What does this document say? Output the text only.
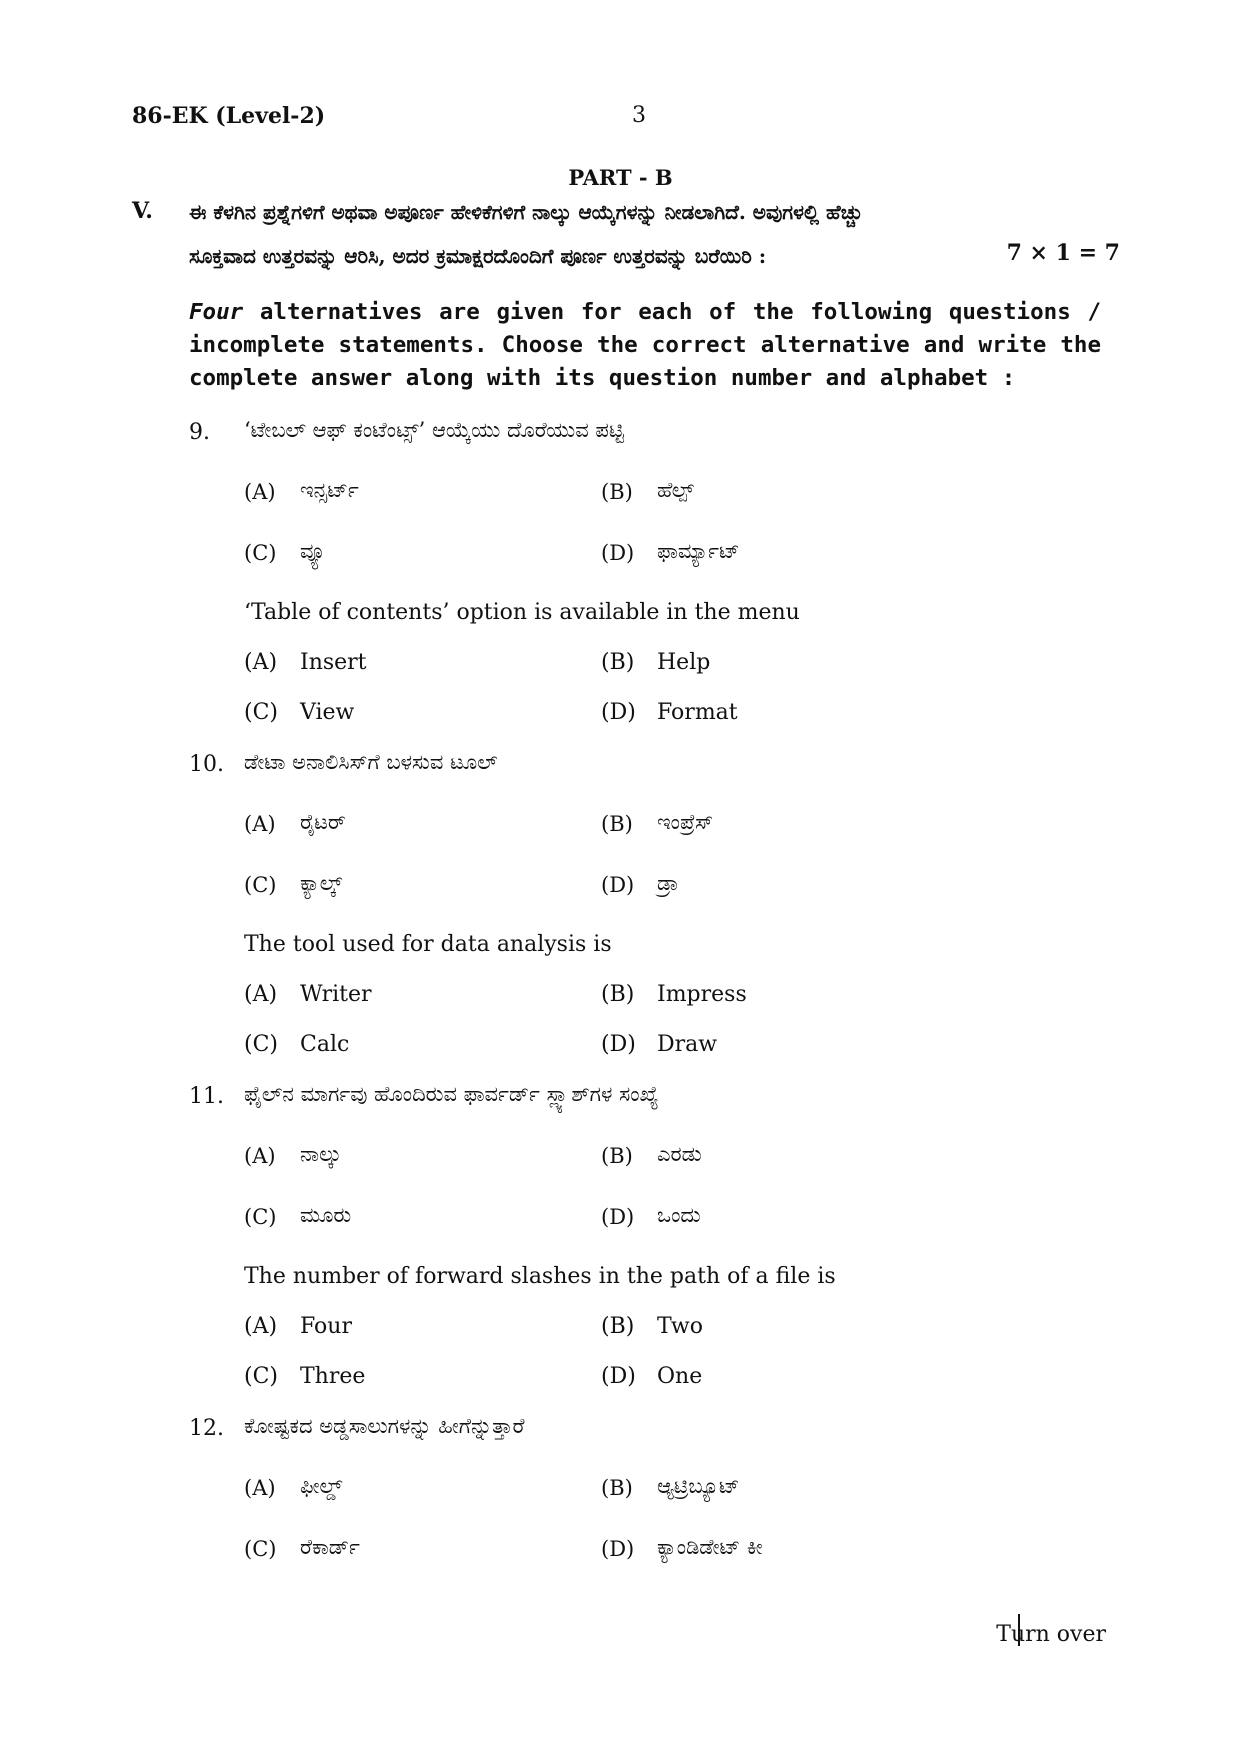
86-EK (Level-2)	3
PART - B
V. ಈ ಕೆಳಗಿನ ಪ್ರಶ್ನೆಗಳಿಗೆ ಅಥವಾ ಅಪೂರ್ಣ ಹೇಳಿಕೆಗಳಿಗೆ ನಾಲ್ಕು ಆಯ್ಕೆಗಳನ್ನು ನೀಡಲಾಗಿದೆ. ಅವುಗಳಲ್ಲಿ ಹೆಚ್ಚು
ಸೂಕ್ತವಾದ ಉತ್ತರವನ್ನು ಆರಿಸಿ, ಅದರ ಕ್ರಮಾಕ್ಷರದೊಂದಿಗೆ ಪೂರ್ಣ ಉತ್ತರವನ್ನು ಬರೆಯಿರಿ :	7 × 1 = 7
Four alternatives are given for each of the following questions / incomplete statements. Choose the correct alternative and write the complete answer along with its question number and alphabet :
9. ‘ಟೇಬಲ್ ಆಫ್ ಕಂಟೆಂಟ್ಸ್’ ಆಯ್ಕೆಯು ದೊರೆಯುವ ಪಟ್ಟಿ
(A) ಇನ್ಸರ್ಟ್	(B) ಹೆಲ್ಪ್
(C) ವ್ಯೂ	(D) ಫಾರ್ಮ್ಯಾಟ್
‘Table of contents’ option is available in the menu
(A) Insert	(B) Help
(C) View	(D) Format
10. ಡೇಟಾ ಅನಾಲಿಸಿಸ್‌ಗೆ ಬಳಸುವ ಟೂಲ್
(A) ರೈಟರ್	(B) ಇಂಪ್ರೆಸ್
(C) ಕ್ಯಾಲ್ಕ್	(D) ಡ್ರಾ
The tool used for data analysis is
(A) Writer	(B) Impress
(C) Calc	(D) Draw
11. ಫೈಲ್‌ನ ಮಾರ್ಗವು ಹೊಂದಿರುವ ಫಾರ್ವರ್ಡ್ ಸ್ಲ್ಯಾಶ್‌ಗಳ ಸಂಖ್ಯೆ
(A) ನಾಲ್ಕು	(B) ಎರಡು
(C) ಮೂರು	(D) ಒಂದು
The number of forward slashes in the path of a file is
(A) Four	(B) Two
(C) Three	(D) One
12. ಕೋಷ್ಟಕದ ಅಡ್ಡಸಾಲುಗಳನ್ನು ಹೀಗೆನ್ನುತ್ತಾರೆ
(A) ಫೀಲ್ಡ್	(B) ಆ್ಯಟ್ರಿಬ್ಯೂಟ್
(C) ರೆಕಾರ್ಡ್	(D) ಕ್ಯಾಂಡಿಡೇಟ್ ಕೀ
Turn over
